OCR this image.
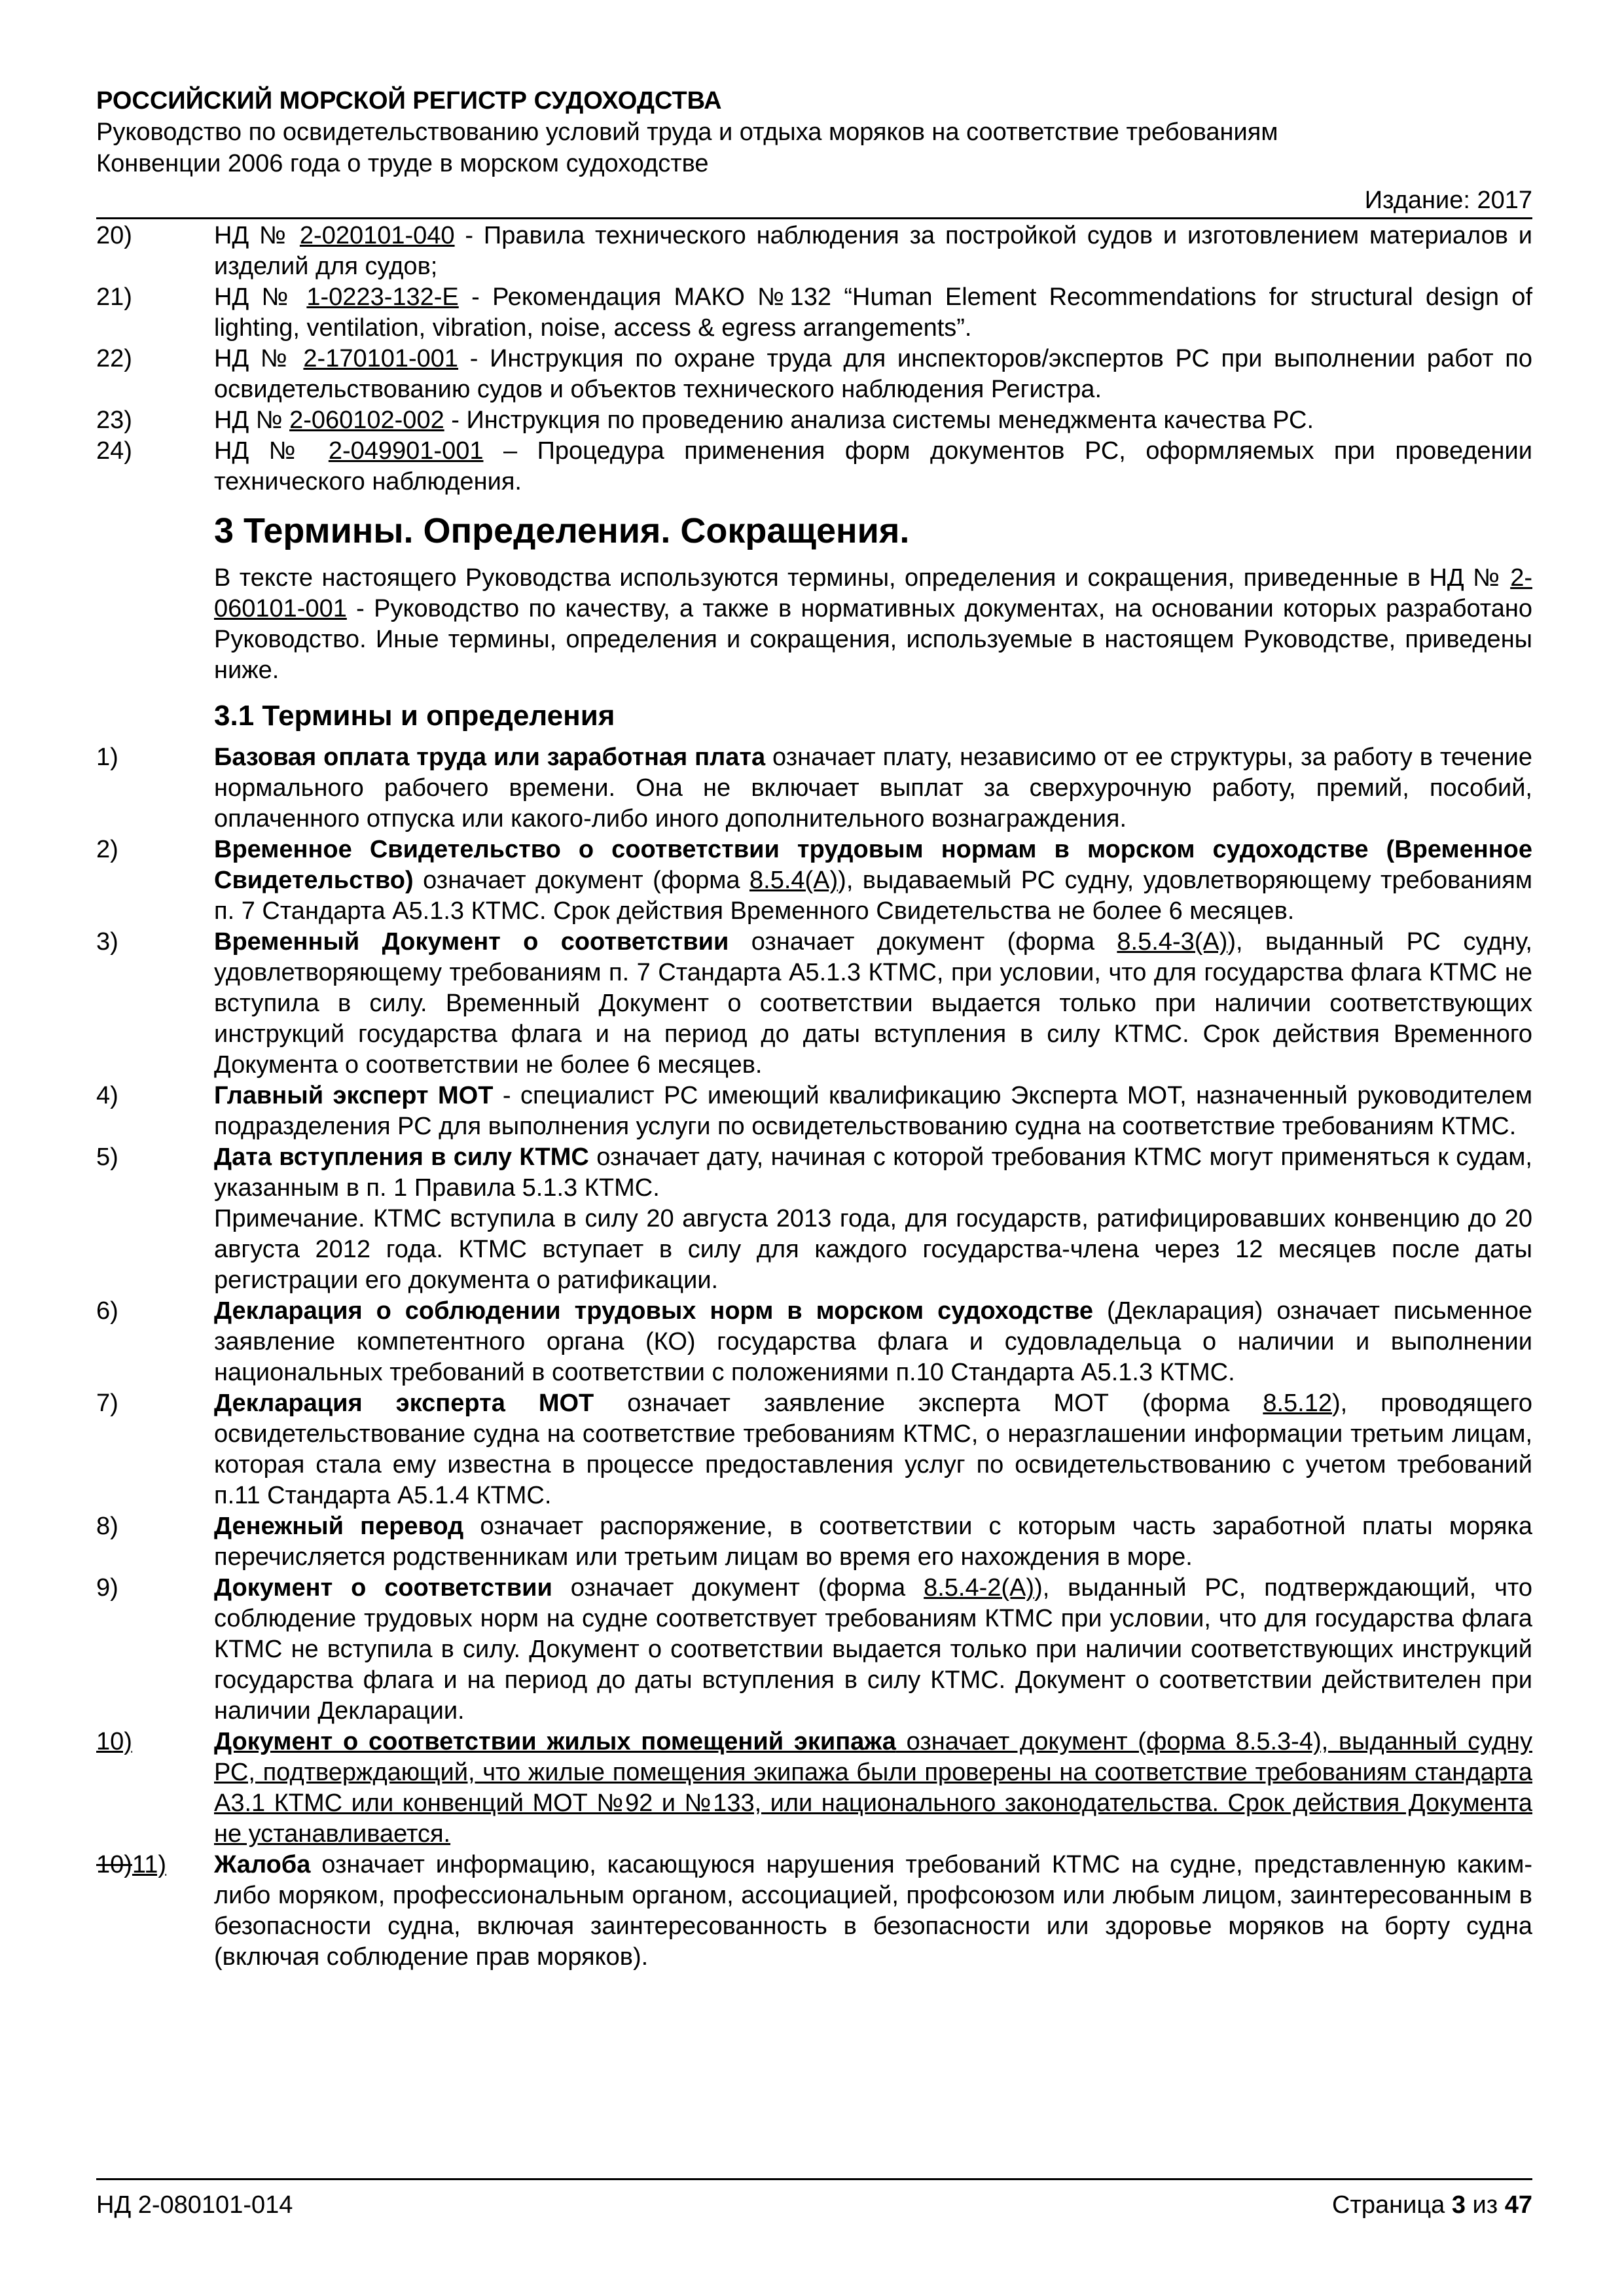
РОССИЙСКИЙ МОРСКОЙ РЕГИСТР СУДОХОДСТВА
Руководство по освидетельствованию условий труда и отдыха моряков на соответствие требованиям
Конвенции 2006 года о труде в морском судоходстве
Издание: 2017
20)	НД № 2-020101-040 - Правила технического наблюдения за постройкой судов и изготовлением материалов и изделий для судов;
21)	НД № 1-0223-132-E - Рекомендация МАКО №132 “Human Element Recommendations for structural design of lighting, ventilation, vibration, noise, access & egress arrangements”.
22)	НД № 2-170101-001 - Инструкция по охране труда для инспекторов/экспертов РС при выполнении работ по освидетельствованию судов и объектов технического наблюдения Регистра.
23)	НД № 2-060102-002 - Инструкция по проведению анализа системы менеджмента качества РС.
24)	НД № 2-049901-001 – Процедура применения форм документов РС, оформляемых при проведении технического наблюдения.
3 Термины. Определения. Сокращения.
В тексте настоящего Руководства используются термины, определения и сокращения, приведенные в НД № 2-060101-001 - Руководство по качеству, а также в нормативных документах, на основании которых разработано Руководство. Иные термины, определения и сокращения, используемые в настоящем Руководстве, приведены ниже.
3.1 Термины и определения
1)	Базовая оплата труда или заработная плата означает плату, независимо от ее структуры, за работу в течение нормального рабочего времени. Она не включает выплат за сверхурочную работу, премий, пособий, оплаченного отпуска или какого-либо иного дополнительного вознаграждения.
2)	Временное Свидетельство о соответствии трудовым нормам в морском судоходстве (Временное Свидетельство) означает документ (форма 8.5.4(A)), выдаваемый РС судну, удовлетворяющему требованиям п. 7 Стандарта А5.1.3 КТМС. Срок действия Временного Свидетельства не более 6 месяцев.
3)	Временный Документ о соответствии означает документ (форма 8.5.4-3(A)), выданный РС судну, удовлетворяющему требованиям п. 7 Стандарта А5.1.3 КТМС, при условии, что для государства флага КТМС не вступила в силу. Временный Документ о соответствии выдается только при наличии соответствующих инструкций государства флага и на период до даты вступления в силу КТМС. Срок действия Временного Документа о соответствии не более 6 месяцев.
4)	Главный эксперт МОТ - специалист РС имеющий квалификацию Эксперта МОТ, назначенный руководителем подразделения РС для выполнения услуги по освидетельствованию судна на соответствие требованиям КТМС.
5)	Дата вступления в силу КТМС означает дату, начиная с которой требования КТМС могут применяться к судам, указанным в п. 1 Правила 5.1.3 КТМС.
Примечание. КТМС вступила в силу 20 августа 2013 года, для государств, ратифицировавших конвенцию до 20 августа 2012 года. КТМС вступает в силу для каждого государства-члена через 12 месяцев после даты регистрации его документа о ратификации.
6)	Декларация о соблюдении трудовых норм в морском судоходстве (Декларация) означает письменное заявление компетентного органа (КО) государства флага и судовладельца о наличии и выполнении национальных требований в соответствии с положениями п.10 Стандарта А5.1.3 КТМС.
7)	Декларация эксперта МОТ означает заявление эксперта МОТ (форма 8.5.12), проводящего освидетельствование судна на соответствие требованиям КТМС, о неразглашении информации третьим лицам, которая стала ему известна в процессе предоставления услуг по освидетельствованию с учетом требований п.11 Стандарта А5.1.4 КТМС.
8)	Денежный перевод означает распоряжение, в соответствии с которым часть заработной платы моряка перечисляется родственникам или третьим лицам во время его нахождения в море.
9)	Документ о соответствии означает документ (форма 8.5.4-2(A)), выданный РС, подтверждающий, что соблюдение трудовых норм на судне соответствует требованиям КТМС при условии, что для государства флага КТМС не вступила в силу. Документ о соответствии выдается только при наличии соответствующих инструкций государства флага и на период до даты вступления в силу КТМС. Документ о соответствии действителен при наличии Декларации.
10)	Документ о соответствии жилых помещений экипажа означает документ (форма 8.5.3-4), выданный судну РС, подтверждающий, что жилые помещения экипажа были проверены на соответствие требованиям стандарта А3.1 КТМС или конвенций МОТ №92 и №133, или национального законодательства. Срок действия Документа не устанавливается.
10)11)	Жалоба означает информацию, касающуюся нарушения требований КТМС на судне, представленную каким-либо моряком, профессиональным органом, ассоциацией, профсоюзом или любым лицом, заинтересованным в безопасности судна, включая заинтересованность в безопасности или здоровье моряков на борту судна (включая соблюдение прав моряков).
НД 2-080101-014	Страница 3 из 47
